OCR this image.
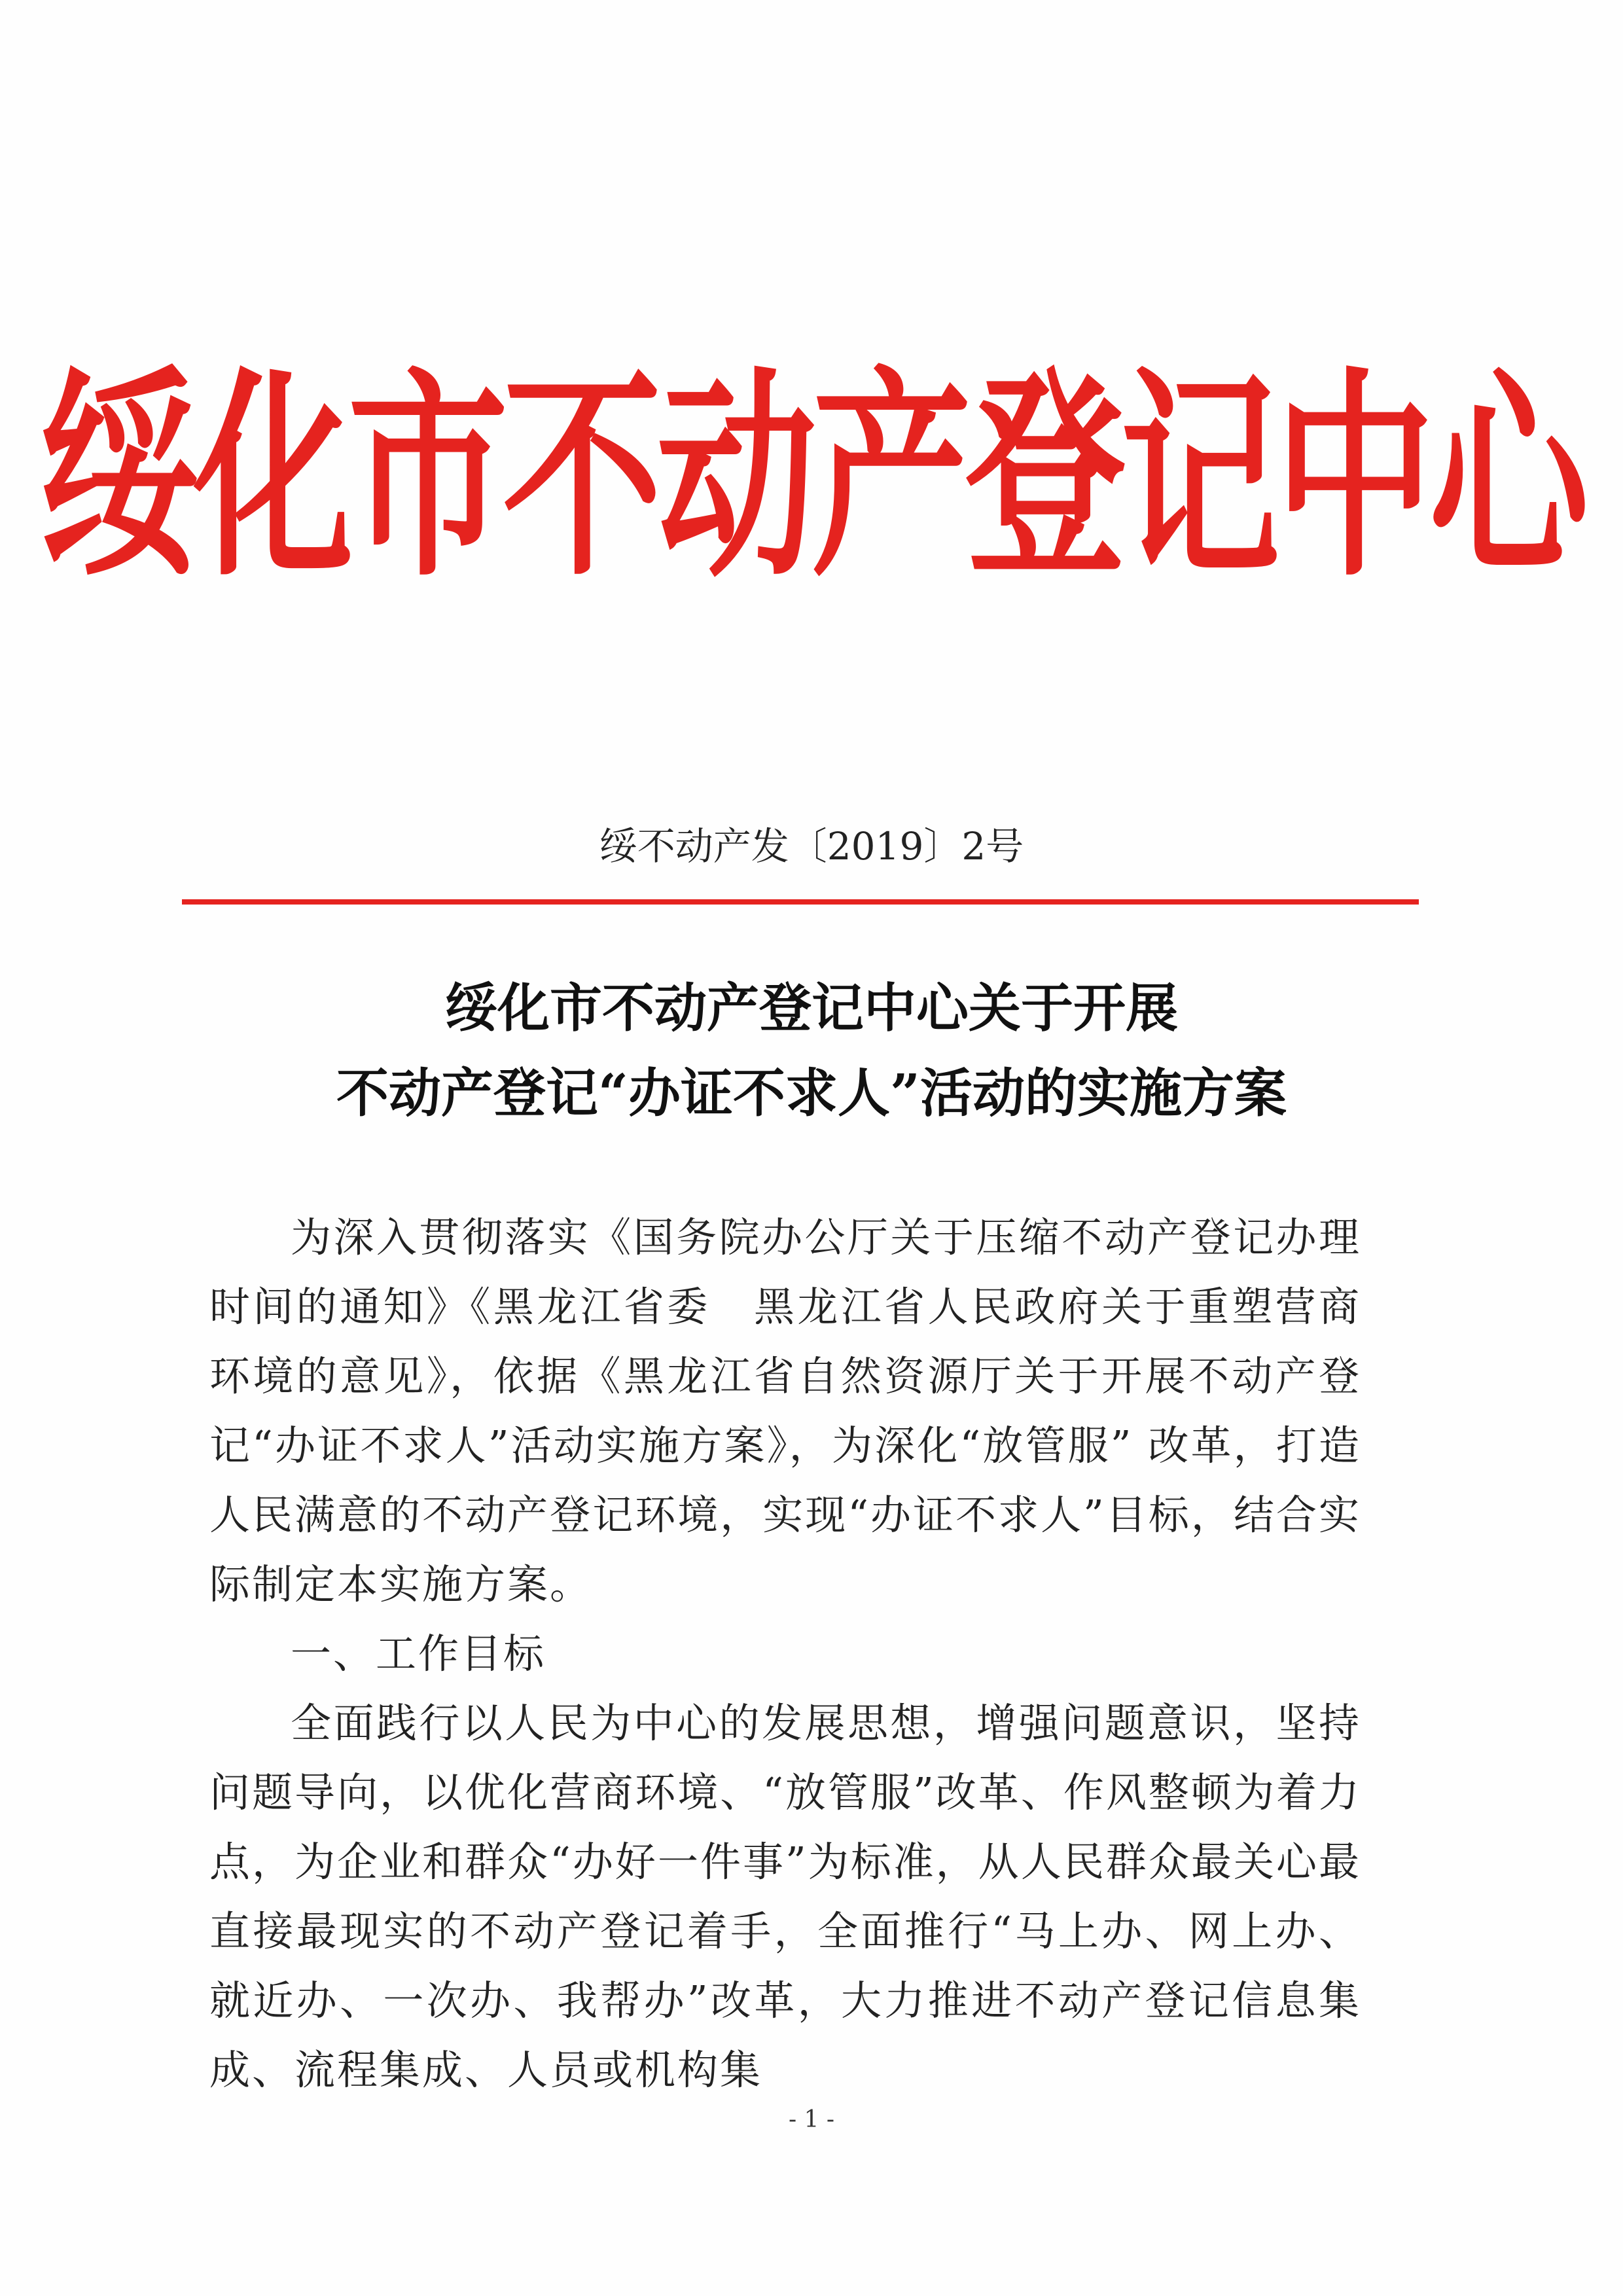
绥化市不动产登记中心
绥不动产发〔2019〕2号
绥化市不动产登记中心关于开展
不动产登记“办证不求人”活动的实施方案

为深入贯彻落实《国务院办公厅关于压缩不动产登记办理时间的通知》《黑龙江省委　黑龙江省人民政府关于重塑营商环境的意见》，依据《黑龙江省自然资源厅关于开展不动产登记“办证不求人”活动实施方案》，为深化“放管服” 改革，打造人民满意的不动产登记环境，实现“办证不求人”目标，结合实际制定本实施方案。

一、工作目标

全面践行以人民为中心的发展思想，增强问题意识，坚持问题导向，以优化营商环境、“放管服”改革、作风整顿为着力点，为企业和群众“办好一件事”为标准，从人民群众最关心最直接最现实的不动产登记着手，全面推行“马上办、网上办、就近办、一次办、我帮办”改革，大力推进不动产登记信息集成、流程集成、人员或机构集

- 1 -
